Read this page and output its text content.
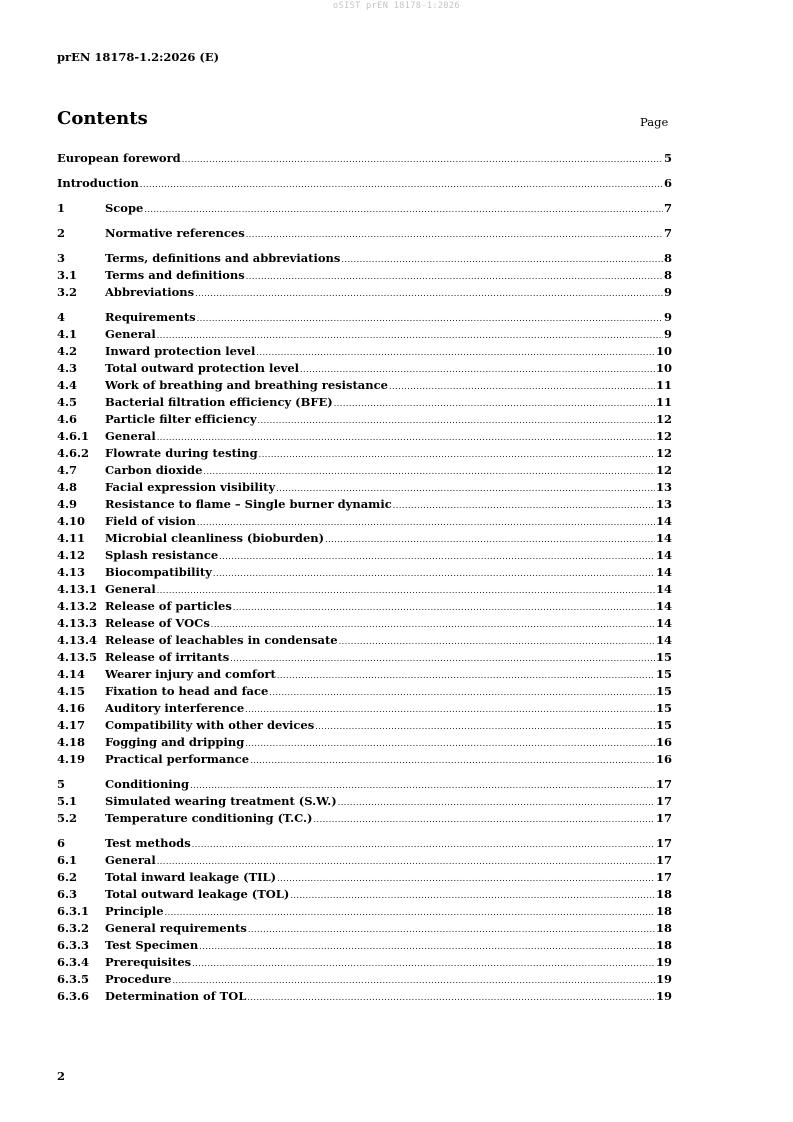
oSIST prEN 18178-1:2026
prEN 18178-1.2:2026 (E)
Contents	Page
European foreword .....	5
Introduction .....	6
1	Scope .....	7
2	Normative references .....	7
3	Terms, definitions and abbreviations .....	8
3.1 Terms and definitions .....	8
3.2 Abbreviations .....	9
4	Requirements .....	9
4.1 General .....	9
4.2 Inward protection level .....	10
4.3 Total outward protection level .....	10
4.4 Work of breathing and breathing resistance .....	11
4.5 Bacterial filtration efficiency (BFE) .....	11
4.6 Particle filter efficiency .....	12
4.6.1 General .....	12
4.6.2 Flowrate during testing .....	12
4.7 Carbon dioxide .....	12
4.8 Facial expression visibility .....	13
4.9 Resistance to flame – Single burner dynamic .....	13
4.10 Field of vision .....	14
4.11 Microbial cleanliness (bioburden) .....	14
4.12 Splash resistance .....	14
4.13 Biocompatibility .....	14
4.13.1 General .....	14
4.13.2 Release of particles .....	14
4.13.3 Release of VOCs .....	14
4.13.4 Release of leachables in condensate .....	14
4.13.5 Release of irritants .....	15
4.14 Wearer injury and comfort .....	15
4.15 Fixation to head and face .....	15
4.16 Auditory interference .....	15
4.17 Compatibility with other devices .....	15
4.18 Fogging and dripping .....	16
4.19 Practical performance .....	16
5	Conditioning .....	17
5.1 Simulated wearing treatment (S.W.) .....	17
5.2 Temperature conditioning (T.C.) .....	17
6	Test methods .....	17
6.1 General .....	17
6.2 Total inward leakage (TIL) .....	17
6.3 Total outward leakage (TOL) .....	18
6.3.1 Principle .....	18
6.3.2 General requirements .....	18
6.3.3 Test Specimen .....	18
6.3.4 Prerequisites .....	19
6.3.5 Procedure .....	19
6.3.6 Determination of TOL .....	19
2
